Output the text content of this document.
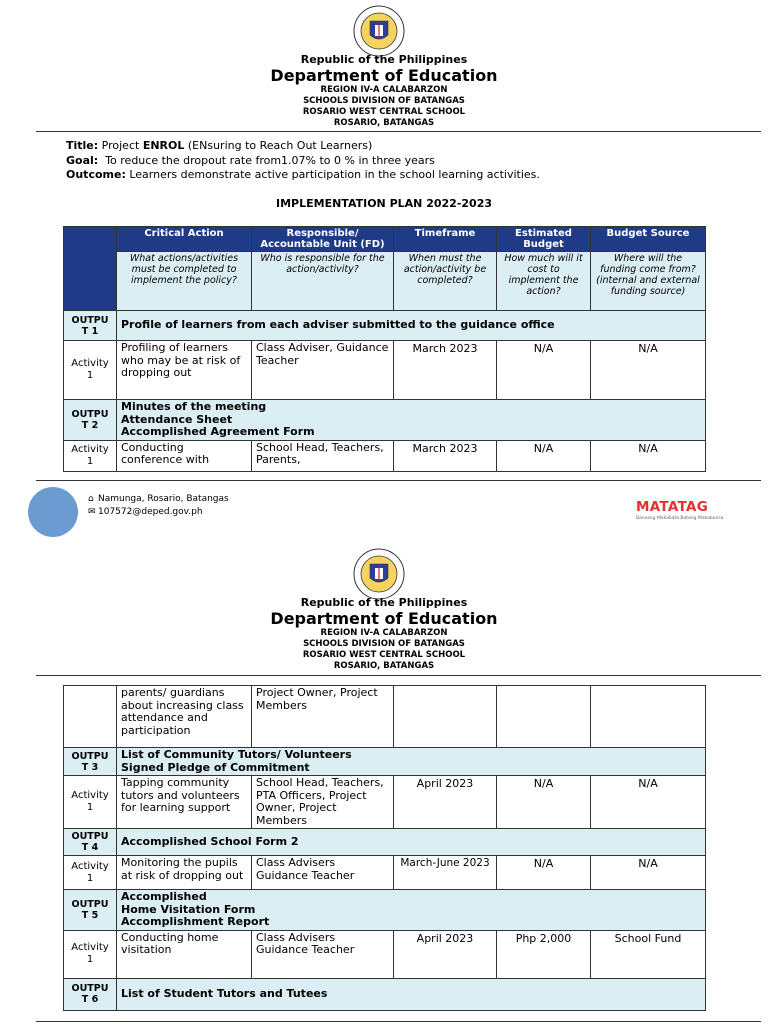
Republic of the Philippines
Department of Education
REGION IV-A CALABARZON
SCHOOLS DIVISION OF BATANGAS
ROSARIO WEST CENTRAL SCHOOL
ROSARIO, BATANGAS
Title: Project ENROL (ENsuring to Reach Out Learners)
Goal: To reduce the dropout rate from1.07% to 0 % in three years
Outcome: Learners demonstrate active participation in the school learning activities.
IMPLEMENTATION PLAN 2022-2023
	Critical Action	Responsible/ Accountable Unit (FD)	Timeframe	Estimated Budget	Budget Source
	What actions/activities must be completed to implement the policy?	Who is responsible for the action/activity?	When must the action/activity be completed?	How much will it cost to implement the action?	Where will the funding come from? (internal and external funding source)
OUTPU T 1	Profile of learners from each adviser submitted to the guidance office				
Activity 1	Profiling of learners who may be at risk of dropping out	Class Adviser, Guidance Teacher	March 2023	N/A	N/A
OUTPU T 2	Minutes of the meeting
Attendance Sheet
Accomplished Agreement Form				

Activity 1	Conducting conference with	School Head, Teachers, Parents,	March 2023	N/A	N/A
⌂ Namunga, Rosario, Batangas
✉ 107572@deped.gov.ph	MATATAG
Bansang Makabata Batang Makabansa
Republic of the Philippines
Department of Education
REGION IV-A CALABARZON
SCHOOLS DIVISION OF BATANGAS
ROSARIO WEST CENTRAL SCHOOL
ROSARIO, BATANGAS
	parents/ guardians about increasing class attendance and participation	Project Owner, Project Members			
OUTPU T 3	List of Community Tutors/ Volunteers
Signed Pledge of Commitment				

Activity 1	Tapping community tutors and volunteers for learning support	School Head, Teachers, PTA Officers, Project Owner, Project Members	April 2023	N/A	N/A
OUTPU T 4	Accomplished School Form 2				
Activity 1	Monitoring the pupils at risk of dropping out	Class Advisers Guidance Teacher	March-June 2023	N/A	N/A
OUTPU T 5	Accomplished
Home Visitation Form
Accomplishment Report				

Activity 1	Conducting home visitation	Class Advisers Guidance Teacher	April 2023	Php 2,000	School Fund
OUTPU T 6	List of Student Tutors and Tutees				
